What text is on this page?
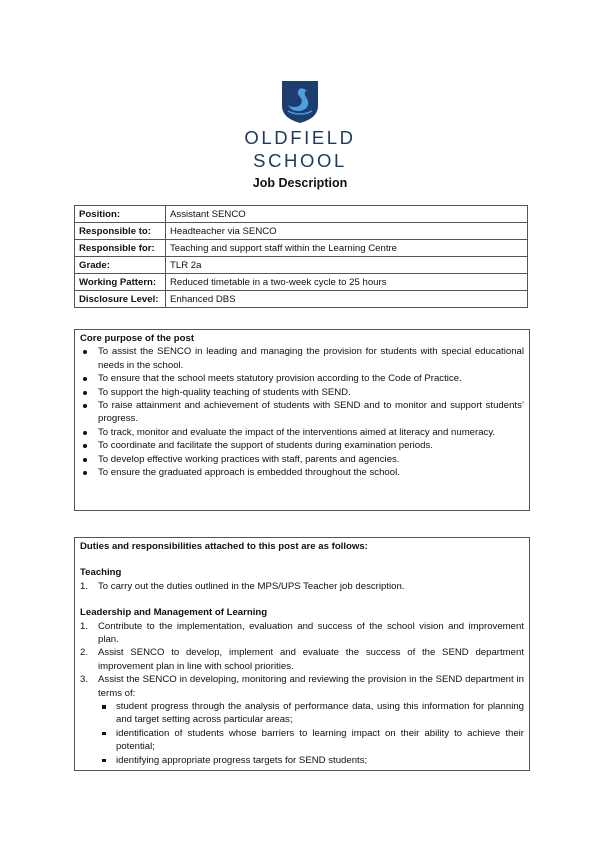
OLDFIELD
SCHOOL
Job Description
Position:	Assistant SENCO
Responsible to:	Headteacher via SENCO
Responsible for:	Teaching and support staff within the Learning Centre
Grade:	TLR 2a
Working Pattern:	Reduced timetable in a two-week cycle to 25 hours
Disclosure Level:	Enhanced DBS
Core purpose of the post
To assist the SENCO in leading and managing the provision for students with special educational needs in the school.
To ensure that the school meets statutory provision according to the Code of Practice.
To support the high-quality teaching of students with SEND.
To raise attainment and achievement of students with SEND and to monitor and support students’ progress.
To track, monitor and evaluate the impact of the interventions aimed at literacy and numeracy.
To coordinate and facilitate the support of students during examination periods.
To develop effective working practices with staff, parents and agencies.
To ensure the graduated approach is embedded throughout the school.
Duties and responsibilities attached to this post are as follows:
Teaching
1. To carry out the duties outlined in the MPS/UPS Teacher job description.
Leadership and Management of Learning
1. Contribute to the implementation, evaluation and success of the school vision and improvement plan.
2. Assist SENCO to develop, implement and evaluate the success of the SEND department improvement plan in line with school priorities.
3. Assist the SENCO in developing, monitoring and reviewing the provision in the SEND department in terms of:
student progress through the analysis of performance data, using this information for planning and target setting across particular areas;
identification of students whose barriers to learning impact on their ability to achieve their potential;
identifying appropriate progress targets for SEND students;
